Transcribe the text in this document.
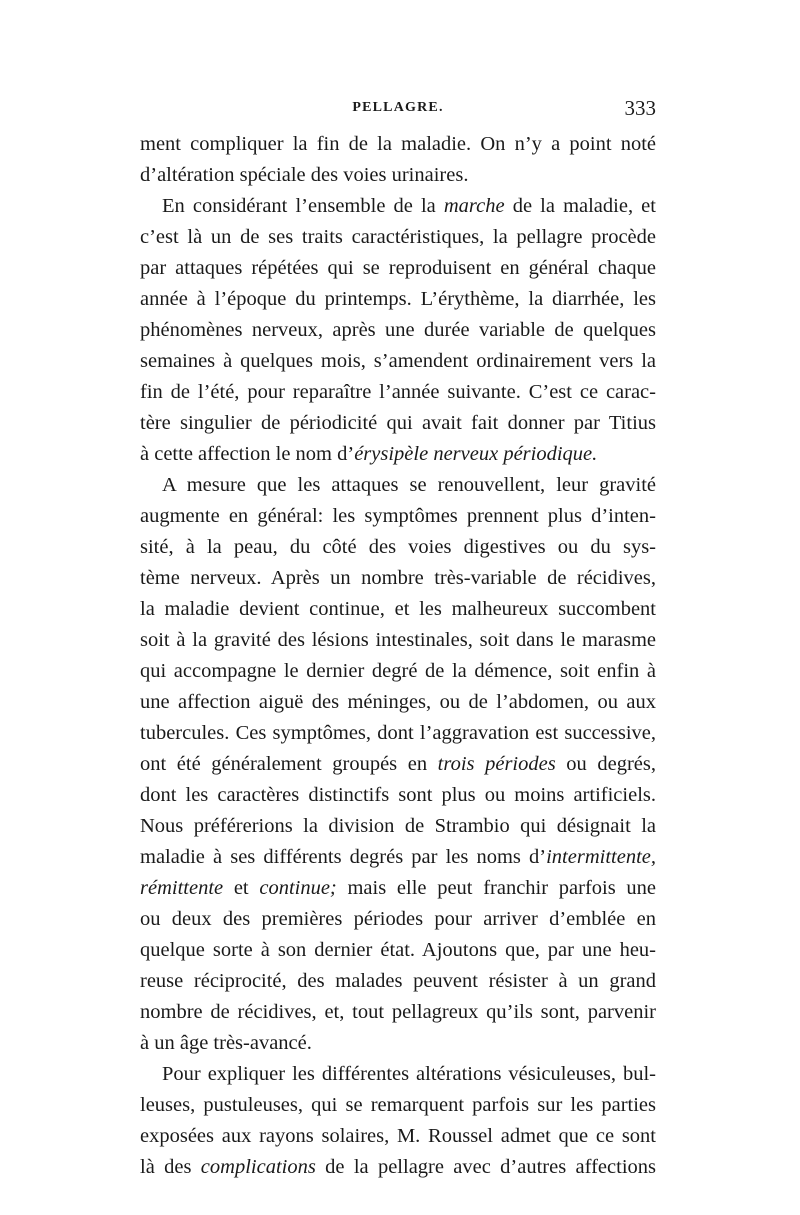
PELLAGRE.	333
ment compliquer la fin de la maladie. On n’y a point noté
d’altération spéciale des voies urinaires.
En considérant l’ensemble de la marche de la maladie, et
c’est là un de ses traits caractéristiques, la pellagre procède
par attaques répétées qui se reproduisent en général chaque
année à l’époque du printemps. L’érythème, la diarrhée, les
phénomènes nerveux, après une durée variable de quelques
semaines à quelques mois, s’amendent ordinairement vers la
fin de l’été, pour reparaître l’année suivante. C’est ce carac-
tère singulier de périodicité qui avait fait donner par Titius
à cette affection le nom d’érysipèle nerveux périodique.
A mesure que les attaques se renouvellent, leur gravité
augmente en général: les symptômes prennent plus d’inten-
sité, à la peau, du côté des voies digestives ou du sys-
tème nerveux. Après un nombre très-variable de récidives,
la maladie devient continue, et les malheureux succombent
soit à la gravité des lésions intestinales, soit dans le marasme
qui accompagne le dernier degré de la démence, soit enfin à
une affection aiguë des méninges, ou de l’abdomen, ou aux
tubercules. Ces symptômes, dont l’aggravation est successive,
ont été généralement groupés en trois périodes ou degrés,
dont les caractères distinctifs sont plus ou moins artificiels.
Nous préférerions la division de Strambio qui désignait la
maladie à ses différents degrés par les noms d’intermittente,
rémittente et continue; mais elle peut franchir parfois une
ou deux des premières périodes pour arriver d’emblée en
quelque sorte à son dernier état. Ajoutons que, par une heu-
reuse réciprocité, des malades peuvent résister à un grand
nombre de récidives, et, tout pellagreux qu’ils sont, parvenir
à un âge très-avancé.
Pour expliquer les différentes altérations vésiculeuses, bul-
leuses, pustuleuses, qui se remarquent parfois sur les parties
exposées aux rayons solaires, M. Roussel admet que ce sont
là des complications de la pellagre avec d’autres affections
